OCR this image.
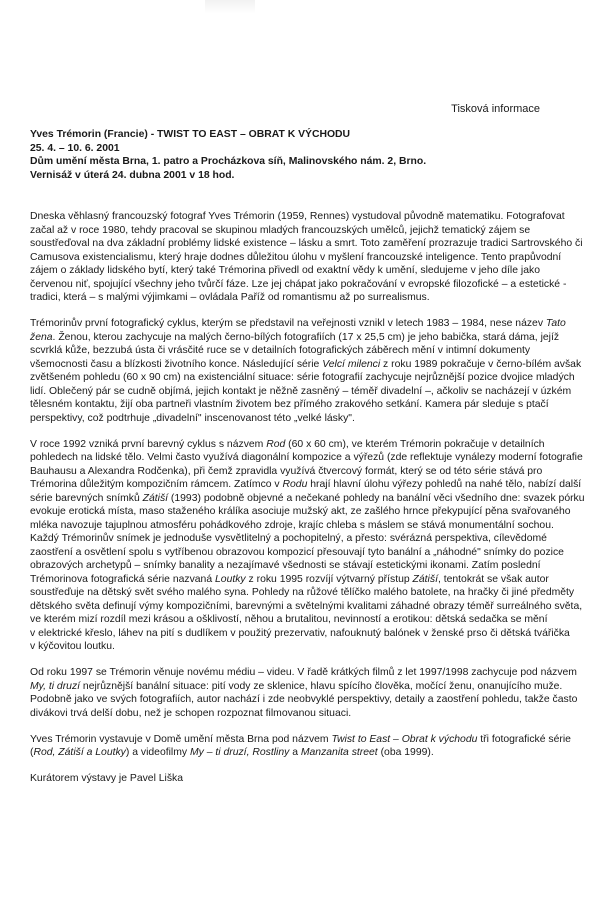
Tisková informace
Yves Trémorin (Francie) - TWIST TO EAST – OBRAT K VÝCHODU
25. 4. – 10. 6. 2001
Dům umění města Brna, 1. patro a Procházkova síň, Malinovského nám. 2, Brno.
Vernisáž v úterá 24. dubna 2001 v 18 hod.

Dneska věhlasný francouzský fotograf Yves Trémorin (1959, Rennes) vystudoval původně matematiku. Fotografovat
začal až v roce 1980, tehdy pracoval se skupinou mladých francouzských umělců, jejichž tematický zájem se
soustřeďoval na dva základní problémy lidské existence – lásku a smrt. Toto zaměření prozrazuje tradici Sartrovského či
Camusova existencialismu, který hraje dodnes důležitou úlohu v myšlení francouzské inteligence. Tento prapůvodní
zájem o základy lidského bytí, který také Trémorina přivedl od exaktní vědy k umění, sledujeme v jeho díle jako
červenou niť, spojující všechny jeho tvůrčí fáze. Lze jej chápat jako pokračování v evropské filozofické – a estetické -
tradici, která – s malými výjimkami – ovládala Paříž od romantismu až po surrealismus.

Trémorinův první fotografický cyklus, kterým se představil na veřejnosti vznikl v letech 1983 – 1984, nese název Tato
žena. Ženou, kterou zachycuje na malých černo-bílých fotografiích (17 x 25,5 cm) je jeho babička, stará dáma, jejíž
scvrklá kůže, bezzubá ústa či vrásčité ruce se v detailních fotografických záběrech mění v intimní dokumenty
všemocnosti času a blízkosti životního konce. Následující série Velcí milenci z roku 1989 pokračuje v černo-bílém avšak
zvětšeném pohledu (60 x 90 cm) na existenciální situace: série fotografií zachycuje nejrůznější pozice dvojice mladých
lidí. Oblečený pár se cudně objímá, jejich kontakt je něžně zasněný – téměř divadelní –, ačkoliv se nacházejí v úzkém
tělesném kontaktu, žijí oba partneři vlastním životem bez přímého zrakového setkání. Kamera pár sleduje s ptačí
perspektivy, což podtrhuje „divadelní" inscenovanost této „velké lásky".

V roce 1992 vzniká první barevný cyklus s názvem Rod (60 x 60 cm), ve kterém Trémorin pokračuje v detailních
pohledech na lidské tělo. Velmi často využívá diagonální kompozice a výřezů (zde reflektuje vynálezy moderní fotografie
Bauhausu a Alexandra Rodčenka), při čemž zpravidla využívá čtvercový formát, který se od této série stává pro
Trémorina důležitým kompozičním rámcem. Zatímco v Rodu hrají hlavní úlohu výřezy pohledů na nahé tělo, nabízí další
série barevných snímků Zátiší (1993) podobně objevné a nečekané pohledy na banální věci všedního dne: svazek pórku
evokuje erotická místa, maso staženého králíka asociuje mužský akt, ze zašlého hrnce překypující pěna svařovaného
mléka navozuje tajuplnou atmosféru pohádkového zdroje, krajíc chleba s máslem se stává monumentální sochou.
Každý Trémorinův snímek je jednoduše vysvětlitelný a pochopitelný, a přesto: svérázná perspektiva, cílevědomé
zaostření a osvětlení spolu s vytříbenou obrazovou kompozicí přesouvají tyto banální a „náhodné" snímky do pozice
obrazových archetypů – snímky banality a nezajímavé všednosti se stávají estetickými ikonami. Zatím poslední
Trémorinova fotografická série nazvaná Loutky z roku 1995 rozvíjí výtvarný přístup Zátiší, tentokrát se však autor
soustřeďuje na dětský svět svého malého syna. Pohledy na růžové tělíčko malého batolete, na hračky či jiné předměty
dětského světa definují výmy kompozičními, barevnými a světelnými kvalitami záhadné obrazy téměř surreálného světa,
ve kterém mizí rozdíl mezi krásou a ošklivostí, něhou a brutalitou, nevinností a erotikou: dětská sedačka se mění
v elektrické křeslo, láhev na pití s dudlíkem v použitý prezervativ, nafouknutý balónek v ženské prso či dětská tvářička
v kýčovitou loutku.

Od roku 1997 se Trémorin věnuje novému médiu – videu. V řadě krátkých filmů z let 1997/1998 zachycuje pod názvem
My, ti druzí nejrůznější banální situace: pití vody ze sklenice, hlavu spícího člověka, močící ženu, onanujícího muže.
Podobně jako ve svých fotografiích, autor nachází i zde neobvyklé perspektivy, detaily a zaostření pohledu, takže často
divákovi trvá delší dobu, než je schopen rozpoznat filmovanou situaci.

Yves Trémorin vystavuje v Domě umění města Brna pod názvem Twist to East – Obrat k východu tři fotografické série
(Rod, Zátiší a Loutky) a videofilmy My – ti druzí, Rostliny a Manzanita street (oba 1999).

Kurátorem výstavy je Pavel Liška
